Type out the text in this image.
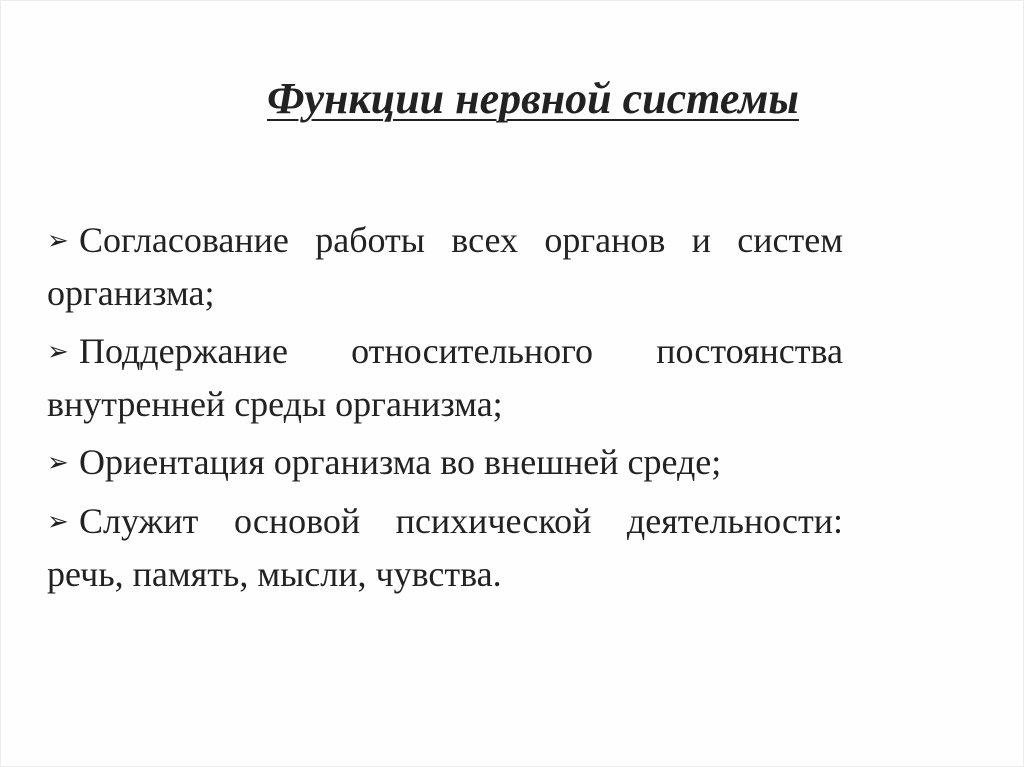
Функции нервной системы
➢ Согласование работы всех органов и систем организма;
➢ Поддержание относительного постоянства внутренней среды организма;
➢ Ориентация организма во внешней среде;
➢ Служит основой психической деятельности: речь, память, мысли, чувства.
